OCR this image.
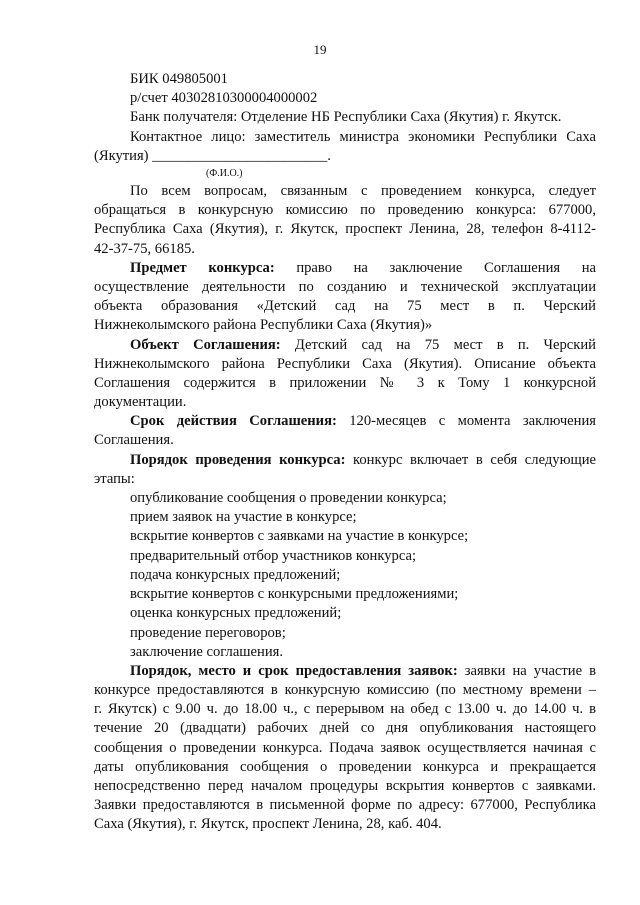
19

БИК 049805001

р/счет 40302810300004000002

Банк получателя: Отделение НБ Республики Саха (Якутия) г. Якутск.

Контактное лицо: заместитель министра экономики Республики Саха

(Якутия) ________________________.

(Ф.И.О.)

По всем вопросам, связанным с проведением конкурса, следует

обращаться в конкурсную комиссию по проведению конкурса: 677000,

Республика Саха (Якутия), г. Якутск, проспект Ленина, 28, телефон 8-4112-

42-37-75, 66185.

Предмет конкурса: право на заключение Соглашения на

осуществление деятельности по созданию и технической эксплуатации

объекта образования «Детский сад на 75 мест в п. Черский

Нижнеколымского района Республики Саха (Якутия)»

Объект Соглашения: Детский сад на 75 мест в п. Черский

Нижнеколымского района Республики Саха (Якутия). Описание объекта

Соглашения содержится в приложении № 3 к Тому 1 конкурсной

документации.

Срок действия Соглашения: 120-месяцев с момента заключения

Соглашения.

Порядок проведения конкурса: конкурс включает в себя следующие

этапы:

опубликование сообщения о проведении конкурса;

прием заявок на участие в конкурсе;

вскрытие конвертов с заявками на участие в конкурсе;

предварительный отбор участников конкурса;

подача конкурсных предложений;

вскрытие конвертов с конкурсными предложениями;

оценка конкурсных предложений;

проведение переговоров;

заключение соглашения.

Порядок, место и срок предоставления заявок: заявки на участие в

конкурсе предоставляются в конкурсную комиссию (по местному времени –

г. Якутск) с 9.00 ч. до 18.00 ч., с перерывом на обед с 13.00 ч. до 14.00 ч. в

течение 20 (двадцати) рабочих дней со дня опубликования настоящего

сообщения о проведении конкурса. Подача заявок осуществляется начиная с

даты опубликования сообщения о проведении конкурса и прекращается

непосредственно перед началом процедуры вскрытия конвертов с заявками.

Заявки предоставляются в письменной форме по адресу: 677000, Республика

Саха (Якутия), г. Якутск, проспект Ленина, 28, каб. 404.
